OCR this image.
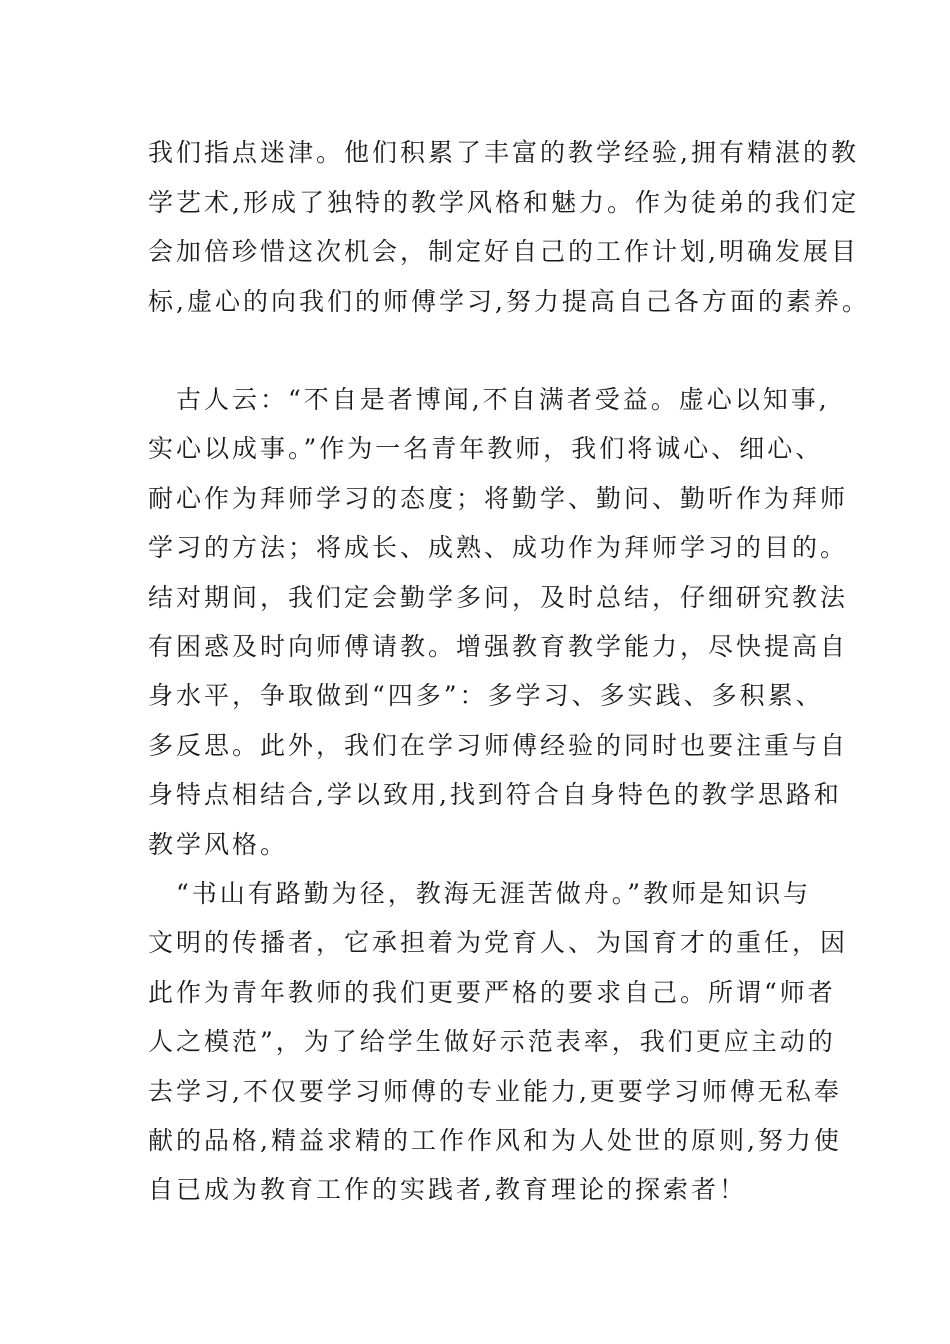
我们指点迷津。他们积累了丰富的教学经验,拥有精湛的教

学艺术,形成了独特的教学风格和魅力。作为徒弟的我们定

会加倍珍惜这次机会，制定好自己的工作计划,明确发展目

标,虚心的向我们的师傅学习,努力提高自己各方面的素养。

　古人云：“不自是者博闻,不自满者受益。虚心以知事,

实心以成事。”作为一名青年教师，我们将诚心、细心、

耐心作为拜师学习的态度；将勤学、勤问、勤听作为拜师

学习的方法；将成长、成熟、成功作为拜师学习的目的。

结对期间，我们定会勤学多问，及时总结，仔细研究教法

有困惑及时向师傅请教。增强教育教学能力，尽快提高自

身水平，争取做到“四多”：多学习、多实践、多积累、

多反思。此外，我们在学习师傅经验的同时也要注重与自

身特点相结合,学以致用,找到符合自身特色的教学思路和

教学风格。

　“书山有路勤为径，教海无涯苦做舟。”教师是知识与

文明的传播者，它承担着为党育人、为国育才的重任，因

此作为青年教师的我们更要严格的要求自己。所谓“师者

人之模范”，为了给学生做好示范表率，我们更应主动的

去学习,不仅要学习师傅的专业能力,更要学习师傅无私奉

献的品格,精益求精的工作作风和为人处世的原则,努力使

自已成为教育工作的实践者,教育理论的探索者！
